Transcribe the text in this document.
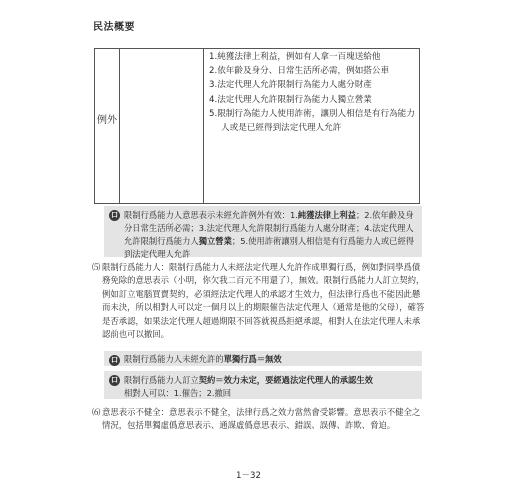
民法概要
例外
1.純獲法律上利益，例如有人拿一百塊送給他
2.依年齡及身分、日常生活所必需，例如搭公車
3.法定代理人允許限制行為能力人處分財產
4.法定代理人允許限制行為能力人獨立營業
5.限制行為能力人使用詐術，讓別人相信是有行為能力人或是已經得到法定代理人允許
口 限制行爲能力人意思表示未經允許例外有效：1.純獲法律上利益；2.依年齡及身分日常生活所必需；3.法定代理人允許限制行爲能力人處分財產；4.法定代理人允許限制行爲能力人獨立營業；5.使用詐術讓別人相信是有行爲能力人或已經得到法定代理人允許
⑸ 限制行爲能力人：限制行爲能力人未經法定代理人允許作成單獨行爲，例如對同學爲債務免除的意思表示（小明，你欠我二百元不用還了），無效。限制行爲能力人訂立契約，例如訂立電腦買賣契約，必須經法定代理人的承認才生效力，但法律行爲也不能因此懸而未決，所以相對人可以定一個月以上的期限催告法定代理人（通常是他的父母），確答是否承認，如果法定代理人超過期限不回答就視爲拒絕承認，相對人在法定代理人未承認前也可以撤回。
口 限制行爲能力人未經允許的單獨行爲＝無效
口 限制行爲能力人訂立契約＝效力未定，要經過法定代理人的承認生效
相對人可以：1.催告；2.撤回
⑹ 意思表示不健全：意思表示不健全，法律行爲之效力當然會受影響。意思表示不健全之情況，包括單獨虛僞意思表示、通謀虛僞意思表示、錯誤、誤傳、詐欺、脅迫。
1－32
